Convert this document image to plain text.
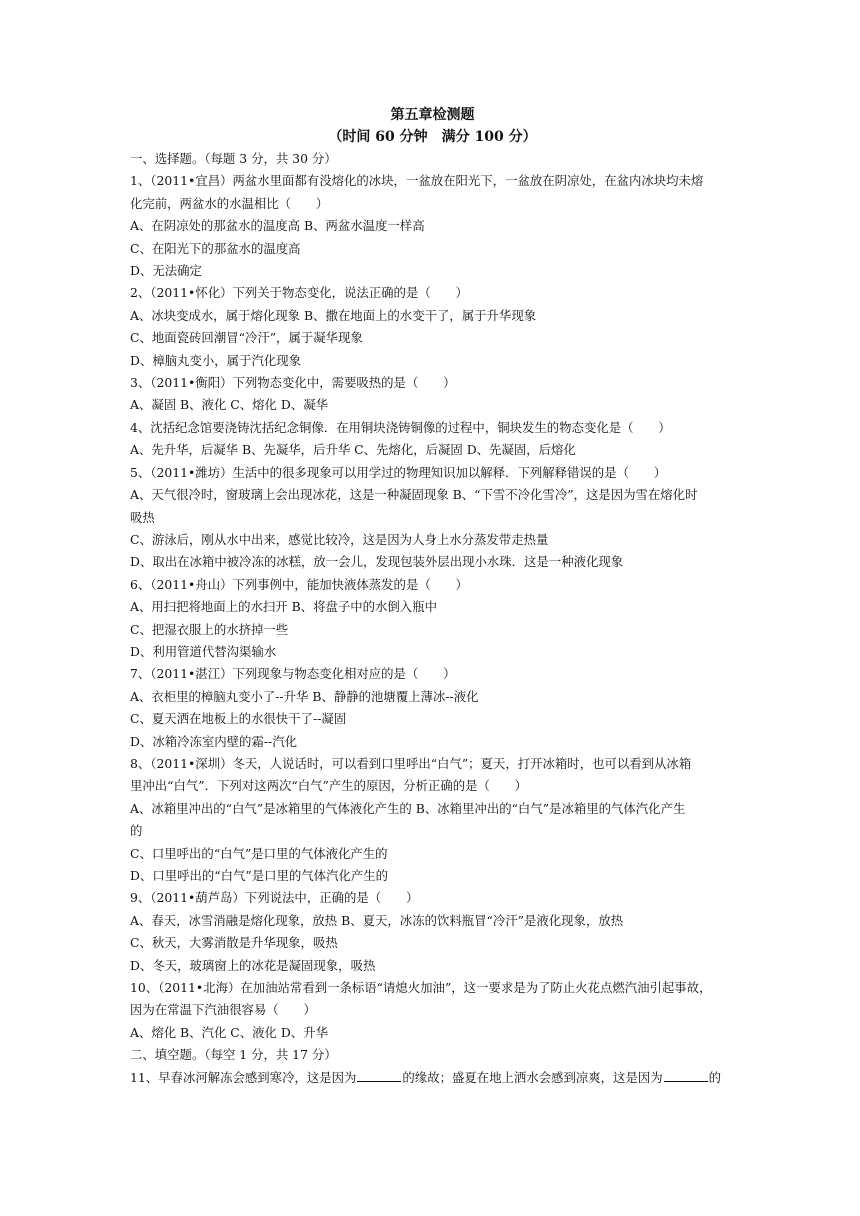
第五章检测题
（时间 60 分钟　满分 100 分）
一、选择题。（每题 3 分，共 30 分）
1、（2011•宜昌）两盆水里面都有没熔化的冰块，一盆放在阳光下，一盆放在阴凉处，在盆内冰块均未熔
化完前，两盆水的水温相比（　　）
A、在阴凉处的那盆水的温度高 B、两盆水温度一样高
C、在阳光下的那盆水的温度高
D、无法确定
2、（2011•怀化）下列关于物态变化，说法正确的是（　　）
A、冰块变成水，属于熔化现象 B、撒在地面上的水变干了，属于升华现象
C、地面瓷砖回潮冒“冷汗”，属于凝华现象
D、樟脑丸变小，属于汽化现象
3、（2011•衡阳）下列物态变化中，需要吸热的是（　　）
A、凝固 B、液化 C、熔化 D、凝华
4、沈括纪念馆要浇铸沈括纪念铜像．在用铜块浇铸铜像的过程中，铜块发生的物态变化是（　　）
A、先升华，后凝华 B、先凝华，后升华 C、先熔化，后凝固 D、先凝固，后熔化
5、（2011•潍坊）生活中的很多现象可以用学过的物理知识加以解释．下列解释错误的是（　　）
A、天气很冷时，窗玻璃上会出现冰花，这是一种凝固现象 B、“下雪不冷化雪冷”，这是因为雪在熔化时
吸热
C、游泳后，刚从水中出来，感觉比较冷，这是因为人身上水分蒸发带走热量
D、取出在冰箱中被冷冻的冰糕，放一会儿，发现包装外层出现小水珠．这是一种液化现象
6、（2011•舟山）下列事例中，能加快液体蒸发的是（　　）
A、用扫把将地面上的水扫开 B、将盘子中的水倒入瓶中
C、把湿衣服上的水挤掉一些
D、利用管道代替沟渠输水
7、（2011•湛江）下列现象与物态变化相对应的是（　　）
A、衣柜里的樟脑丸变小了--升华 B、静静的池塘覆上薄冰--液化
C、夏天洒在地板上的水很快干了--凝固
D、冰箱冷冻室内壁的霜--汽化
8、（2011•深圳）冬天，人说话时，可以看到口里呼出“白气”；夏天，打开冰箱时，也可以看到从冰箱
里冲出“白气”．下列对这两次“白气”产生的原因，分析正确的是（　　）
A、冰箱里冲出的“白气”是冰箱里的气体液化产生的 B、冰箱里冲出的“白气”是冰箱里的气体汽化产生
的
C、口里呼出的“白气”是口里的气体液化产生的
D、口里呼出的“白气”是口里的气体汽化产生的
9、（2011•葫芦岛）下列说法中，正确的是（　　）
A、春天，冰雪消融是熔化现象，放热 B、夏天，冰冻的饮料瓶冒“冷汗”是液化现象，放热
C、秋天，大雾消散是升华现象，吸热
D、冬天，玻璃窗上的冰花是凝固现象，吸热
10、（2011•北海）在加油站常看到一条标语“请熄火加油”，这一要求是为了防止火花点燃汽油引起事故，
因为在常温下汽油很容易（　　）
A、熔化 B、汽化 C、液化 D、升华
二、填空题。（每空 1 分，共 17 分）
11、早春冰河解冻会感到寒冷，这是因为	的缘故；盛夏在地上洒水会感到凉爽，这是因为	的
